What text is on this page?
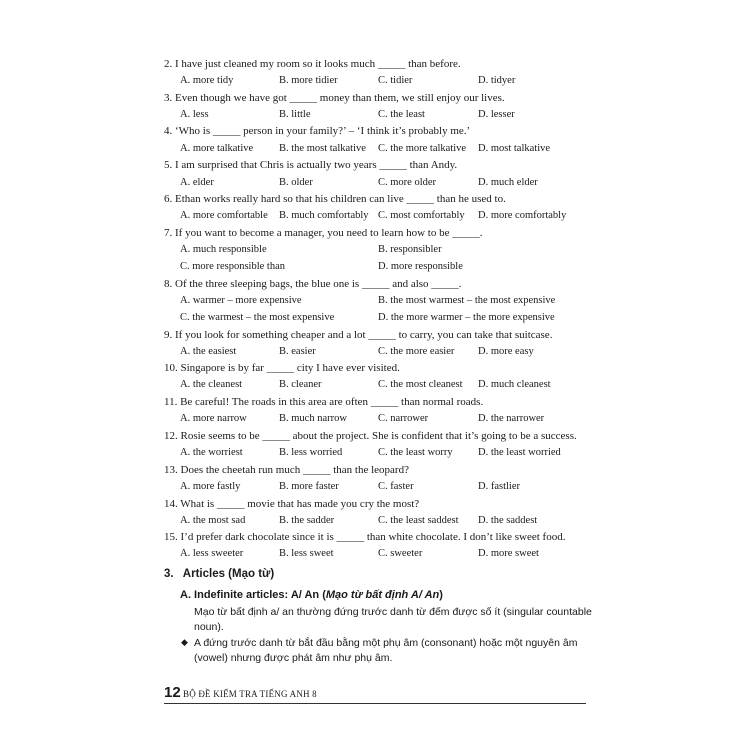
2. I have just cleaned my room so it looks much _____ than before.
A. more tidy	B. more tidier	C. tidier	D. tidyer
3. Even though we have got _____ money than them, we still enjoy our lives.
A. less	B. little	C. the least	D. lesser
4. ‘Who is _____ person in your family?’ – ‘I think it’s probably me.’
A. more talkative B. the most talkative C. the more talkative D. most talkative
5. I am surprised that Chris is actually two years _____ than Andy.
A. elder	B. older	C. more older	D. much elder
6. Ethan works really hard so that his children can live _____ than he used to.
A. more comfortable B. much comfortably C. most comfortably D. more comfortably
7. If you want to become a manager, you need to learn how to be _____.
A. much responsible	B. responsibler
C. more responsible than	D. more responsible
8. Of the three sleeping bags, the blue one is _____ and also _____.
A. warmer – more expensive	B. the most warmest – the most expensive
C. the warmest – the most expensive	D. the more warmer – the more expensive
9. If you look for something cheaper and a lot _____ to carry, you can take that suitcase.
A. the easiest	B. easier	C. the more easier D. more easy
10. Singapore is by far _____ city I have ever visited.
A. the cleanest	B. cleaner	C. the most cleanest D. much cleanest
11. Be careful! The roads in this area are often _____ than normal roads.
A. more narrow	B. much narrow	C. narrower	D. the narrower
12. Rosie seems to be _____ about the project. She is confident that it’s going to be a success.
A. the worriest	B. less worried	C. the least worry D. the least worried
13. Does the cheetah run much _____ than the leopard?
A. more fastly	B. more faster	C. faster	D. fastlier
14. What is _____ movie that has made you cry the most?
A. the most sad	B. the sadder	C. the least saddest D. the saddest
15. I’d prefer dark chocolate since it is _____ than white chocolate. I don’t like sweet food.
A. less sweeter	B. less sweet	C. sweeter	D. more sweet
3. Articles (Mạo từ)
A. Indefinite articles: A/ An (Mạo từ bất định A/ An)
Mạo từ bất định a/ an thường đứng trước danh từ đếm được số ít (singular countable
noun).
◆ A đứng trước danh từ bắt đầu bằng một phụ âm (consonant) hoặc một nguyên âm
(vowel) nhưng được phát âm như phụ âm.
12 BỘ ĐỀ KIỂM TRA TIẾNG ANH 8
